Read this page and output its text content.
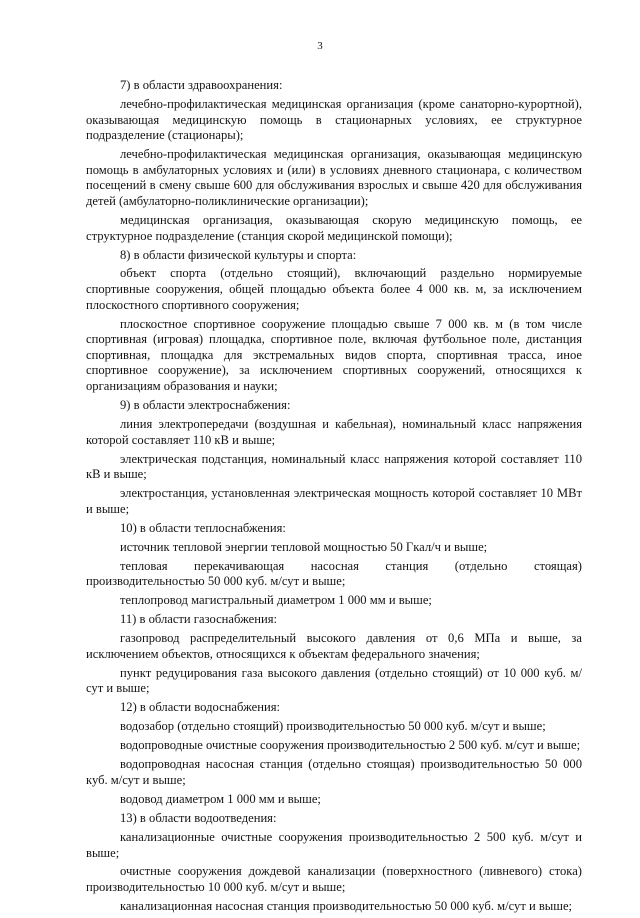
3

7) в области здравоохранения:

лечебно-профилактическая медицинская организация (кроме санаторно-курортной), оказывающая медицинскую помощь в стационарных условиях, ее структурное подразделение (стационары);

лечебно-профилактическая медицинская организация, оказывающая медицинскую помощь в амбулаторных условиях и (или) в условиях дневного стационара, с количеством посещений в смену свыше 600 для обслуживания взрослых и свыше 420 для обслуживания детей (амбулаторно-поликлинические организации);

медицинская организация, оказывающая скорую медицинскую помощь, ее структурное подразделение (станция скорой медицинской помощи);

8) в области физической культуры и спорта:

объект спорта (отдельно стоящий), включающий раздельно нормируемые спортивные сооружения, общей площадью объекта более 4 000 кв. м, за исключением плоскостного спортивного сооружения;

плоскостное спортивное сооружение площадью свыше 7 000 кв. м (в том числе спортивная (игровая) площадка, спортивное поле, включая футбольное поле, дистанция спортивная, площадка для экстремальных видов спорта, спортивная трасса, иное спортивное сооружение), за исключением спортивных сооружений, относящихся к организациям образования и науки;

9) в области электроснабжения:

линия электропередачи (воздушная и кабельная), номинальный класс напряжения которой составляет 110 кВ и выше;

электрическая подстанция, номинальный класс напряжения которой составляет 110 кВ и выше;

электростанция, установленная электрическая мощность которой составляет 10 МВт и выше;

10) в области теплоснабжения:

источник тепловой энергии тепловой мощностью 50 Гкал/ч и выше;

тепловая перекачивающая насосная станция (отдельно стоящая) производительностью 50 000 куб. м/сут и выше;

теплопровод магистральный диаметром 1 000 мм и выше;

11) в области газоснабжения:

газопровод распределительный высокого давления от 0,6 МПа и выше, за исключением объектов, относящихся к объектам федерального значения;

пункт редуцирования газа высокого давления (отдельно стоящий) от 10 000 куб. м/сут и выше;

12) в области водоснабжения:

водозабор (отдельно стоящий) производительностью 50 000 куб. м/сут и выше;

водопроводные очистные сооружения производительностью 2 500 куб. м/сут и выше;

водопроводная насосная станция (отдельно стоящая) производительностью 50 000 куб. м/сут и выше;

водовод диаметром 1 000 мм и выше;

13) в области водоотведения:

канализационные очистные сооружения производительностью 2 500 куб. м/сут и выше;

очистные сооружения дождевой канализации (поверхностного (ливневого) стока) производительностью 10 000 куб. м/сут и выше;

канализационная насосная станция производительностью 50 000 куб. м/сут и выше;
